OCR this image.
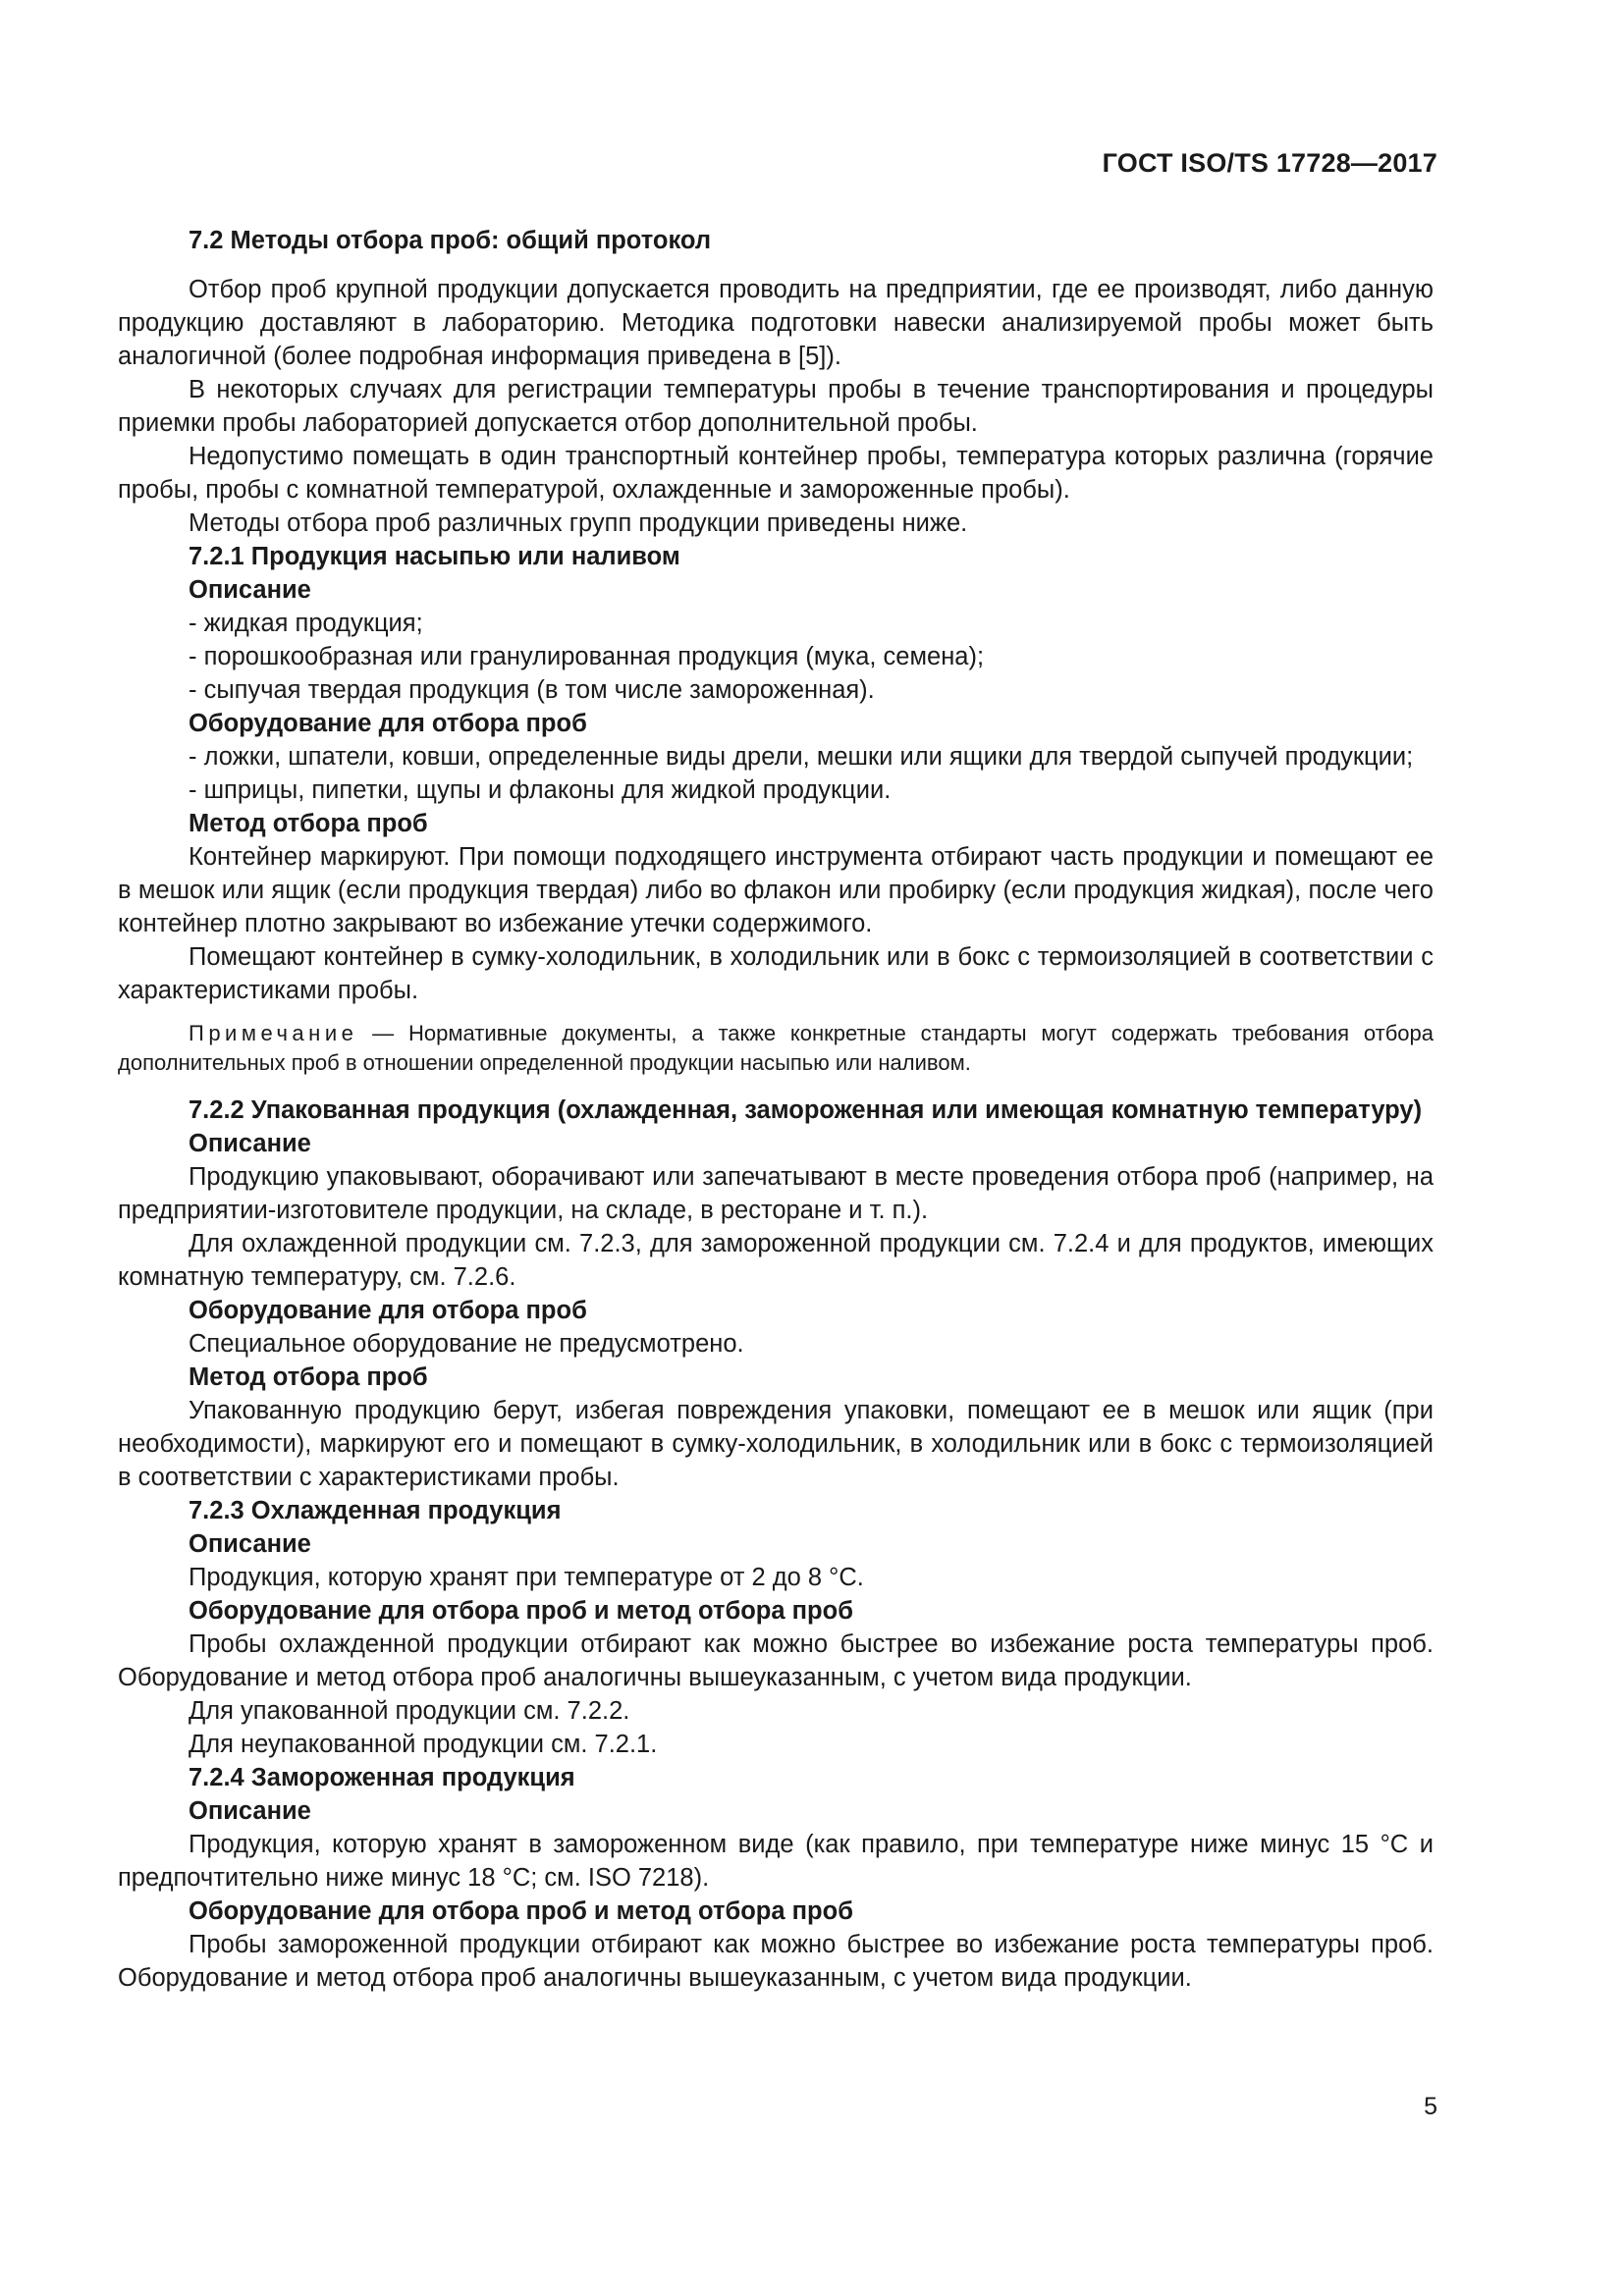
ГОСТ ISO/TS 17728—2017

7.2 Методы отбора проб: общий протокол

Отбор проб крупной продукции допускается проводить на предприятии, где ее производят, либо данную продукцию доставляют в лабораторию. Методика подготовки навески анализируемой пробы может быть аналогичной (более подробная информация приведена в [5]).

В некоторых случаях для регистрации температуры пробы в течение транспортирования и процедуры приемки пробы лабораторией допускается отбор дополнительной пробы.

Недопустимо помещать в один транспортный контейнер пробы, температура которых различна (горячие пробы, пробы с комнатной температурой, охлажденные и замороженные пробы).

Методы отбора проб различных групп продукции приведены ниже.

7.2.1 Продукция насыпью или наливом

Описание

- жидкая продукция;

- порошкообразная или гранулированная продукция (мука, семена);

- сыпучая твердая продукция (в том числе замороженная).

Оборудование для отбора проб

- ложки, шпатели, ковши, определенные виды дрели, мешки или ящики для твердой сыпучей продукции;

- шприцы, пипетки, щупы и флаконы для жидкой продукции.

Метод отбора проб

Контейнер маркируют. При помощи подходящего инструмента отбирают часть продукции и помещают ее в мешок или ящик (если продукция твердая) либо во флакон или пробирку (если продукция жидкая), после чего контейнер плотно закрывают во избежание утечки содержимого.

Помещают контейнер в сумку-холодильник, в холодильник или в бокс с термоизоляцией в соответствии с характеристиками пробы.

Примечание — Нормативные документы, а также конкретные стандарты могут содержать требования отбора дополнительных проб в отношении определенной продукции насыпью или наливом.

7.2.2 Упакованная продукция (охлажденная, замороженная или имеющая комнатную температуру)

Описание

Продукцию упаковывают, оборачивают или запечатывают в месте проведения отбора проб (например, на предприятии-изготовителе продукции, на складе, в ресторане и т. п.).

Для охлажденной продукции см. 7.2.3, для замороженной продукции см. 7.2.4 и для продуктов, имеющих комнатную температуру, см. 7.2.6.

Оборудование для отбора проб

Специальное оборудование не предусмотрено.

Метод отбора проб

Упакованную продукцию берут, избегая повреждения упаковки, помещают ее в мешок или ящик (при необходимости), маркируют его и помещают в сумку-холодильник, в холодильник или в бокс с термоизоляцией в соответствии с характеристиками пробы.

7.2.3 Охлажденная продукция

Описание

Продукция, которую хранят при температуре от 2 до 8 °С.

Оборудование для отбора проб и метод отбора проб

Пробы охлажденной продукции отбирают как можно быстрее во избежание роста температуры проб. Оборудование и метод отбора проб аналогичны вышеуказанным, с учетом вида продукции.

Для упакованной продукции см. 7.2.2.

Для неупакованной продукции см. 7.2.1.

7.2.4 Замороженная продукция

Описание

Продукция, которую хранят в замороженном виде (как правило, при температуре ниже минус 15 °С и предпочтительно ниже минус 18 °С; см. ISO 7218).

Оборудование для отбора проб и метод отбора проб

Пробы замороженной продукции отбирают как можно быстрее во избежание роста температуры проб. Оборудование и метод отбора проб аналогичны вышеуказанным, с учетом вида продукции.

5
